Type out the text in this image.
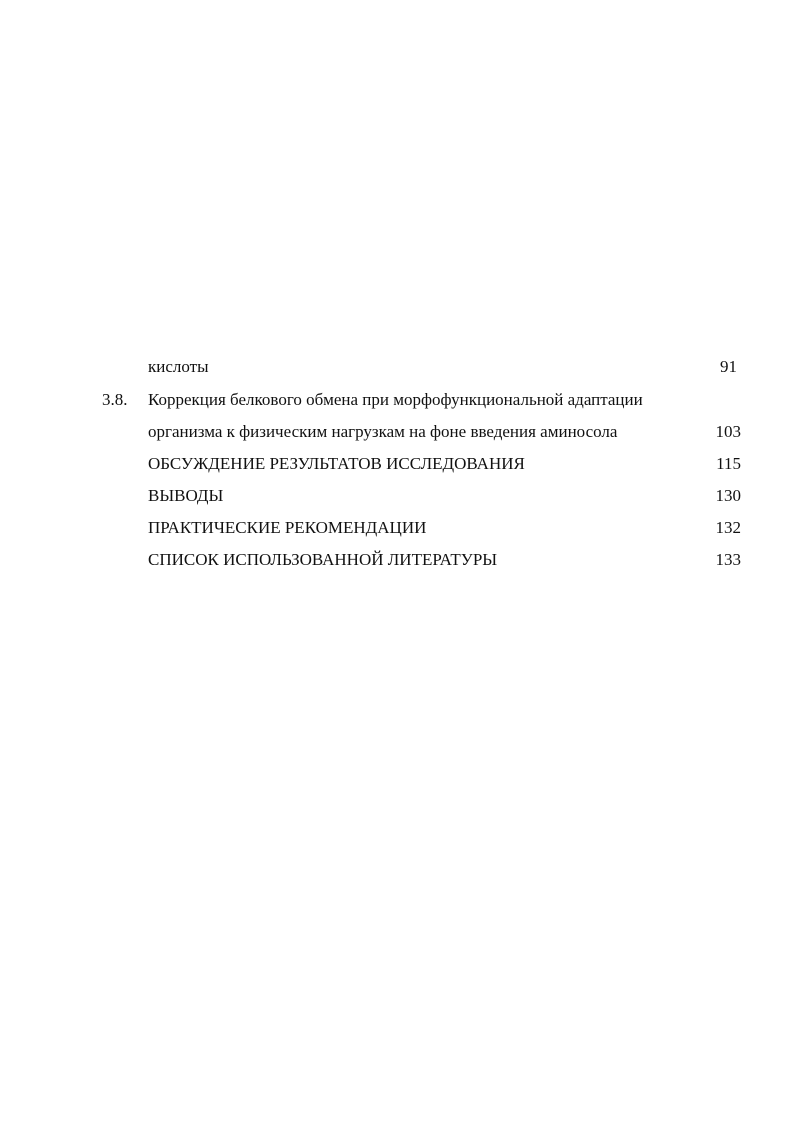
кислоты	91
3.8. Коррекция белкового обмена при морфофункциональной адаптации
организма к физическим нагрузкам на фоне введения аминосола	103
ОБСУЖДЕНИЕ РЕЗУЛЬТАТОВ ИССЛЕДОВАНИЯ	115
ВЫВОДЫ	130
ПРАКТИЧЕСКИЕ РЕКОМЕНДАЦИИ	132
СПИСОК ИСПОЛЬЗОВАННОЙ ЛИТЕРАТУРЫ	133
